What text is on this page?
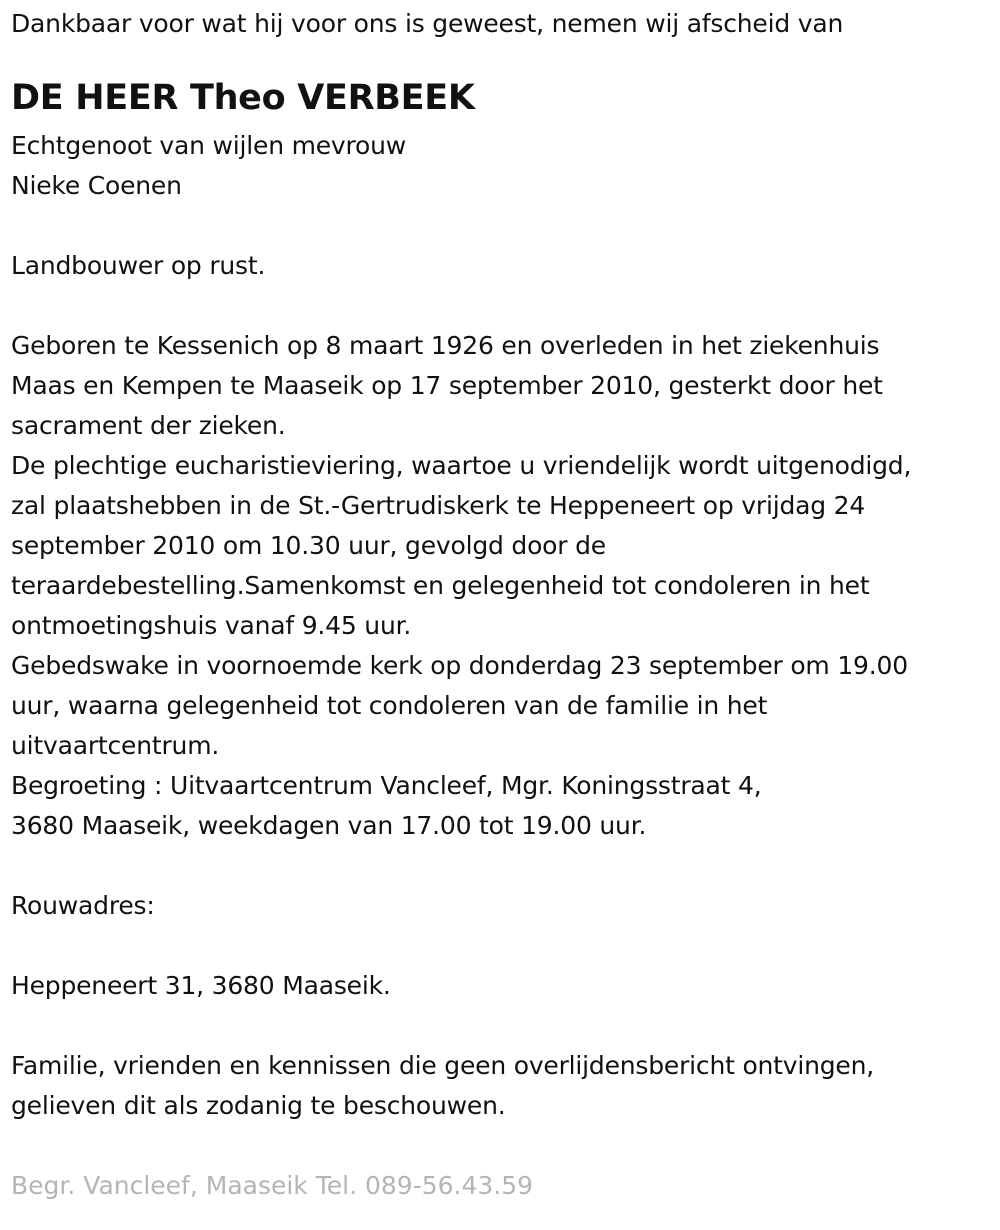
Dankbaar voor wat hij voor ons is geweest, nemen wij afscheid van
DE HEER Theo VERBEEK
Echtgenoot van wijlen mevrouw
Nieke Coenen
Landbouwer op rust.
Geboren te Kessenich op 8 maart 1926 en overleden in het ziekenhuis
Maas en Kempen te Maaseik op 17 september 2010, gesterkt door het
sacrament der zieken.
De plechtige eucharistieviering, waartoe u vriendelijk wordt uitgenodigd,
zal plaatshebben in de St.-Gertrudiskerk te Heppeneert op vrijdag 24
september 2010 om 10.30 uur, gevolgd door de
teraardebestelling.Samenkomst en gelegenheid tot condoleren in het
ontmoetingshuis vanaf 9.45 uur.
Gebedswake in voornoemde kerk op donderdag 23 september om 19.00
uur, waarna gelegenheid tot condoleren van de familie in het
uitvaartcentrum.
Begroeting : Uitvaartcentrum Vancleef, Mgr. Koningsstraat 4,
3680 Maaseik, weekdagen van 17.00 tot 19.00 uur.
Rouwadres:
Heppeneert 31, 3680 Maaseik.
Familie, vrienden en kennissen die geen overlijdensbericht ontvingen,
gelieven dit als zodanig te beschouwen.
Begr. Vancleef, Maaseik Tel. 089-56.43.59
